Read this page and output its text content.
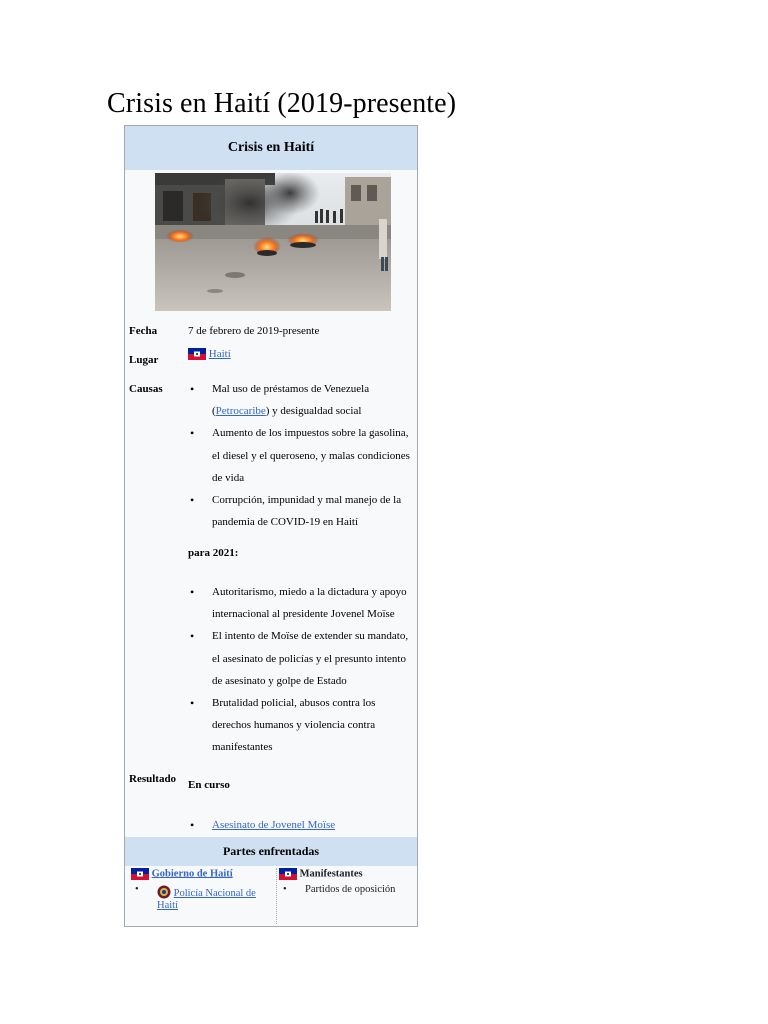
Crisis en Haití (2019-presente)
Crisis en Haití
Fecha	7 de febrero de 2019-presente
Lugar	Haití
Causas
•	Mal uso de préstamos de Venezuela (Petrocaribe) y desigualdad social
• Aumento de los impuestos sobre la gasolina, el diesel y el queroseno, y malas condiciones de vida
• Corrupción, impunidad y mal manejo de la pandemia de COVID-19 en Haití
para 2021:
• Autoritarismo, miedo a la dictadura y apoyo internacional al presidente Jovenel Moïse
• El intento de Moïse de extender su mandato, el asesinato de policías y el presunto intento de asesinato y golpe de Estado
• Brutalidad policial, abusos contra los derechos humanos y violencia contra manifestantes
Resultado En curso
• Asesinato de Jovenel Moïse
Partes enfrentadas
Gobierno de Haití
• Policía Nacional de Haití
Manifestantes
• Partidos de oposición
